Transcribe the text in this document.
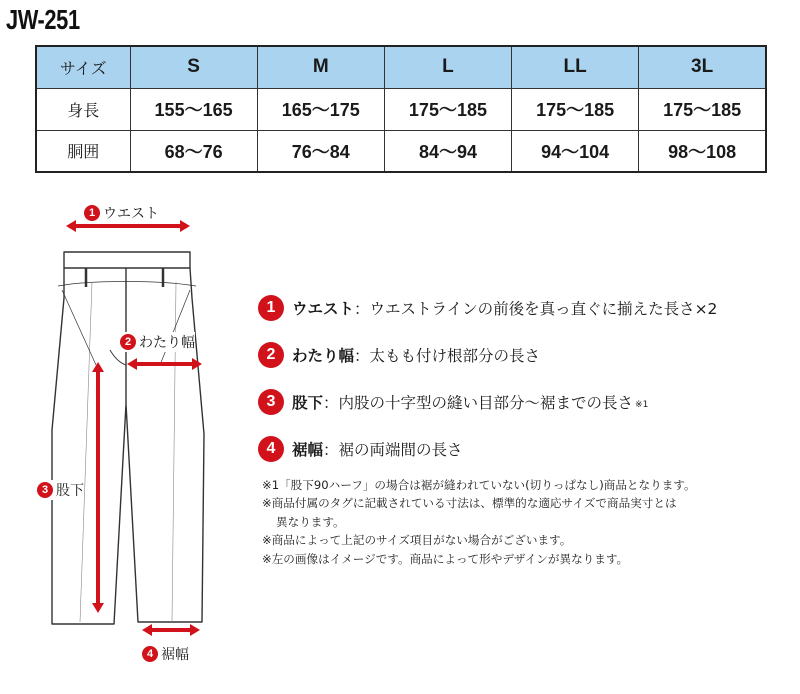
JW-251
サイズ	S	M	L	LL	3L
身長	155〜165	165〜175	175〜185	175〜185	175〜185
胴囲	68〜76	76〜84	84〜94	94〜104	98〜108
1 ウエスト
2 わたり幅
3 股下
4 裾幅
1	ウエスト ： ウエストラインの前後を真っ直ぐに揃えた長さ×2
2	わたり幅 ： 太もも付け根部分の長さ
3	股下 ： 内股の十字型の縫い目部分〜裾までの長さ ※1
4	裾幅 ： 裾の両端間の長さ
※1「股下90ハーフ」の場合は裾が縫われていない(切りっぱなし)商品となります。
※商品付属のタグに記載されている寸法は、標準的な適応サイズで商品実寸とは
異なります。
※商品によって上記のサイズ項目がない場合がございます。
※左の画像はイメージです。商品によって形やデザインが異なります。
